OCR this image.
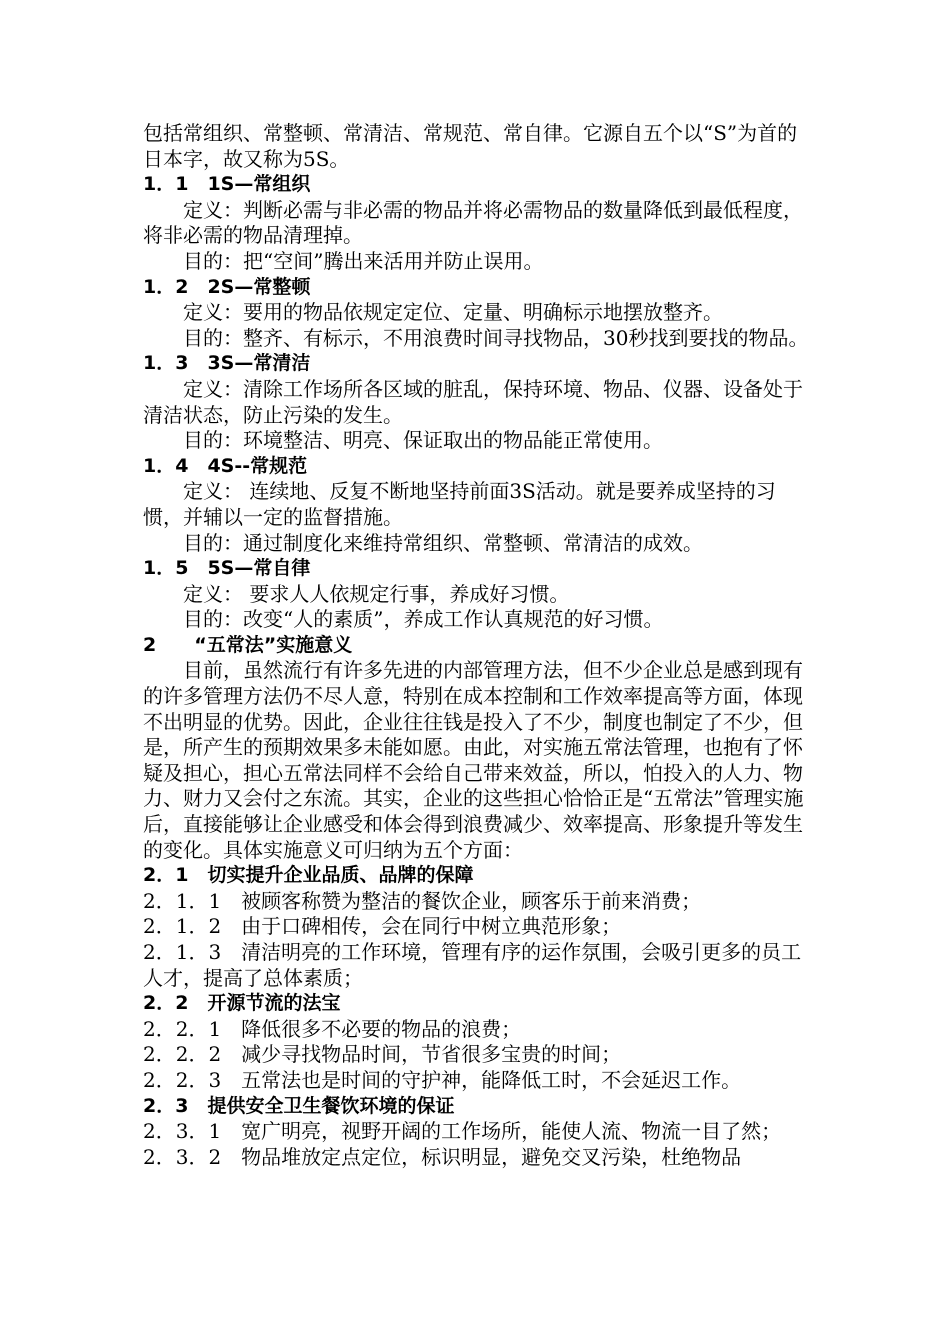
包括常组织、常整顿、常清洁、常规范、常自律。它源自五个以“S”为首的日本字，故又称为5S。

1．1　1S—常组织

定义：判断必需与非必需的物品并将必需物品的数量降低到最低程度，将非必需的物品清理掉。

目的：把“空间”腾出来活用并防止误用。

1．2　2S—常整顿

定义：要用的物品依规定定位、定量、明确标示地摆放整齐。

目的：整齐、有标示，不用浪费时间寻找物品，30秒找到要找的物品。

1．3　3S—常清洁

定义：清除工作场所各区域的脏乱，保持环境、物品、仪器、设备处于清洁状态，防止污染的发生。

目的：环境整洁、明亮、保证取出的物品能正常使用。

1．4　4S--常规范

定义： 连续地、反复不断地坚持前面3S活动。就是要养成坚持的习惯，并辅以一定的监督措施。

目的：通过制度化来维持常组织、常整顿、常清洁的成效。

1．5　5S—常自律

定义： 要求人人依规定行事，养成好习惯。

目的：改变“人的素质”，养成工作认真规范的好习惯。

2　　“五常法”实施意义

目前，虽然流行有许多先进的内部管理方法，但不少企业总是感到现有的许多管理方法仍不尽人意，特别在成本控制和工作效率提高等方面，体现不出明显的优势。因此，企业往往钱是投入了不少，制度也制定了不少，但是，所产生的预期效果多未能如愿。由此，对实施五常法管理，也抱有了怀疑及担心，担心五常法同样不会给自己带来效益，所以，怕投入的人力、物力、财力又会付之东流。其实，企业的这些担心恰恰正是“五常法”管理实施后，直接能够让企业感受和体会得到浪费减少、效率提高、形象提升等发生的变化。具体实施意义可归纳为五个方面：

2．1　切实提升企业品质、品牌的保障

2．1．1　被顾客称赞为整洁的餐饮企业，顾客乐于前来消费；

2．1．2　由于口碑相传，会在同行中树立典范形象；

2．1．3　清洁明亮的工作环境，管理有序的运作氛围，会吸引更多的员工人才，提高了总体素质；

2．2　开源节流的法宝

2．2．1　降低很多不必要的物品的浪费；

2．2．2　减少寻找物品时间，节省很多宝贵的时间；

2．2．3　五常法也是时间的守护神，能降低工时，不会延迟工作。

2．3　提供安全卫生餐饮环境的保证

2．3．1　宽广明亮，视野开阔的工作场所，能使人流、物流一目了然；

2．3．2　物品堆放定点定位，标识明显，避免交叉污染，杜绝物品
